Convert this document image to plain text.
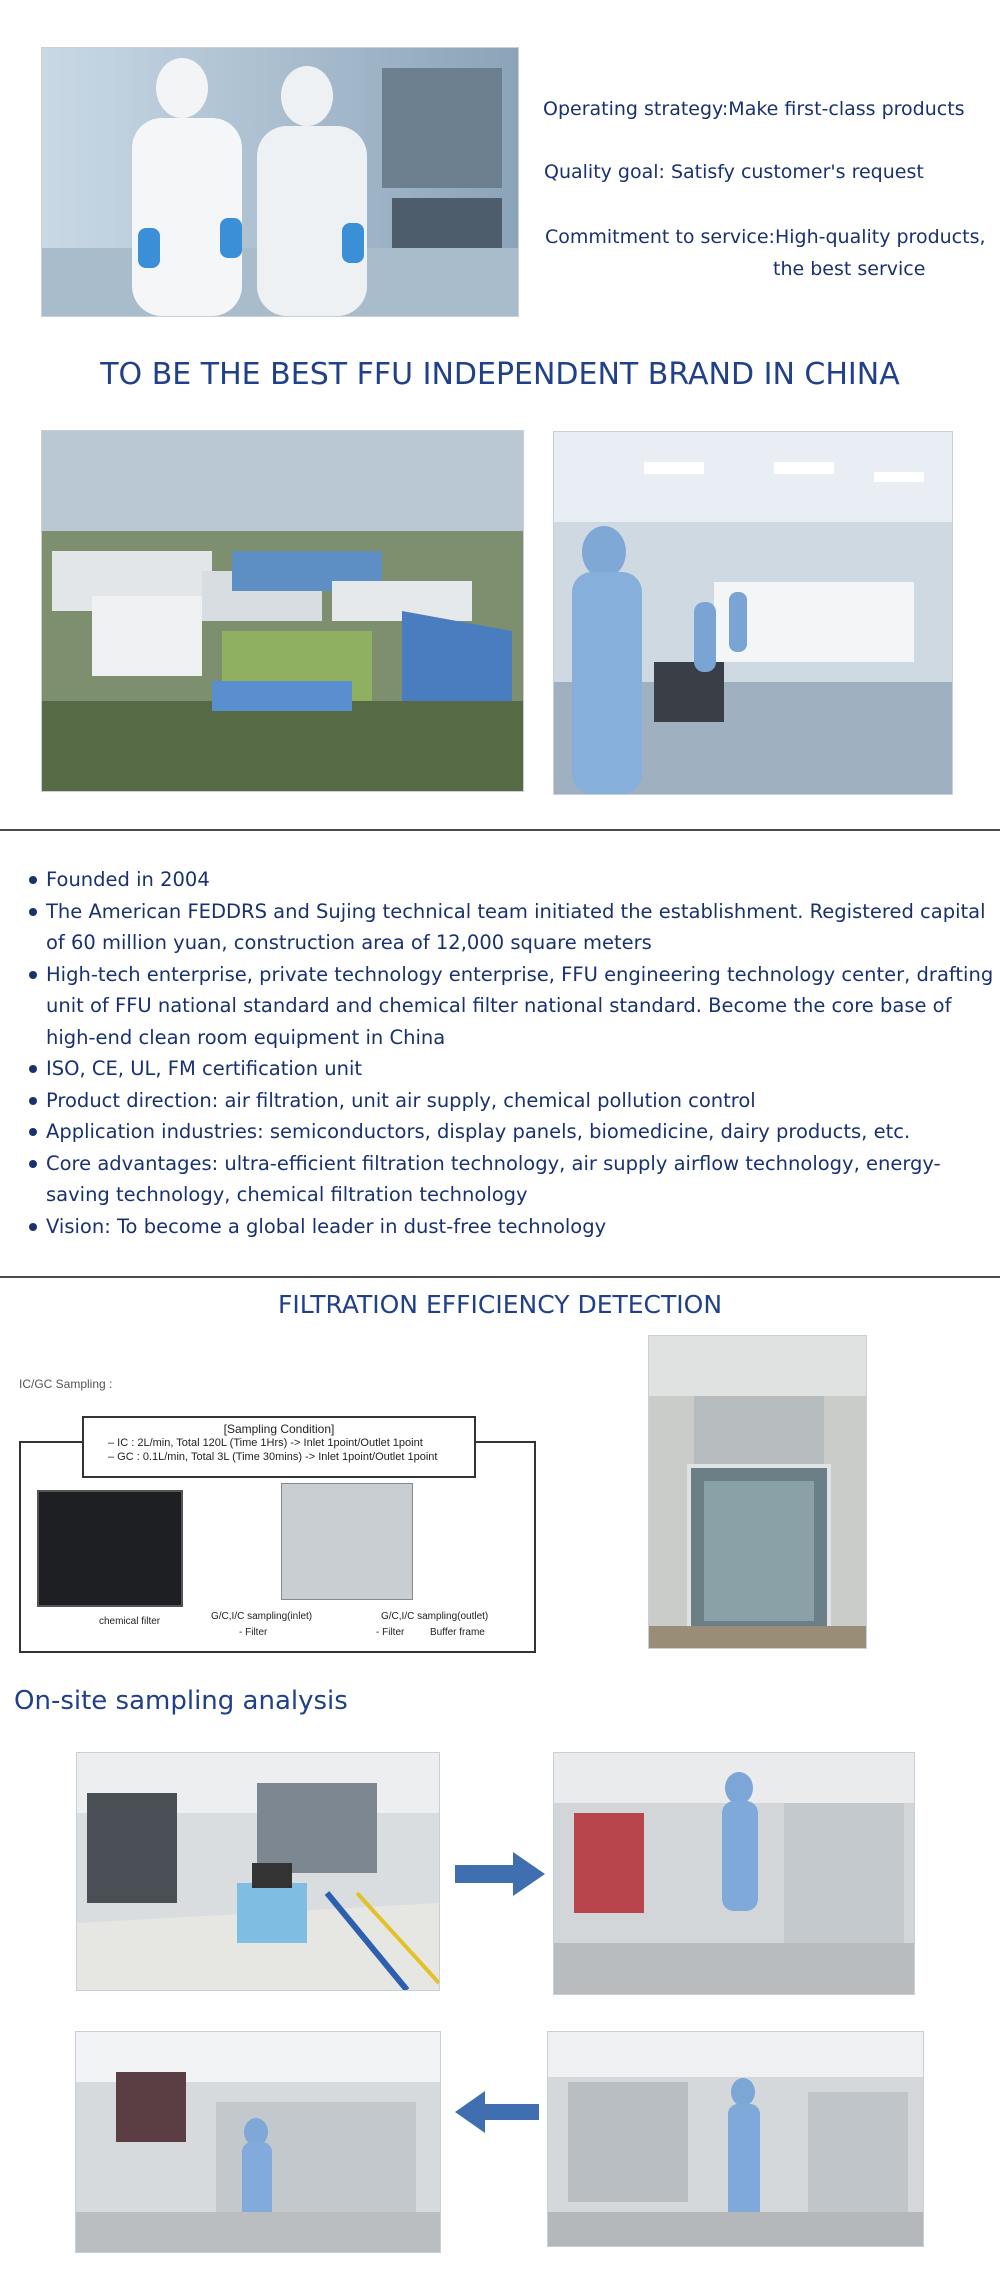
Operating strategy:Make first-class products
Quality goal: Satisfy customer's request
Commitment to service:High-quality products,
the best service
TO BE THE BEST FFU INDEPENDENT BRAND IN CHINA
Founded in 2004
The American FEDDRS and Sujing technical team initiated the establishment. Registered capital of 60 million yuan, construction area of 12,000 square meters
High-tech enterprise, private technology enterprise, FFU engineering technology center, drafting unit of FFU national standard and chemical filter national standard. Become the core base of high-end clean room equipment in China
ISO, CE, UL, FM certification unit
Product direction: air filtration, unit air supply, chemical pollution control
Application industries: semiconductors, display panels, biomedicine, dairy products, etc.
Core advantages: ultra-efficient filtration technology, air supply airflow technology, energy-saving technology, chemical filtration technology
Vision: To become a global leader in dust-free technology
FILTRATION EFFICIENCY DETECTION
IC/GC Sampling :
[Sampling Condition]
– IC : 2L/min, Total 120L (Time 1Hrs) -> Inlet 1point/Outlet 1point
– GC : 0.1L/min, Total 3L (Time 30mins) -> Inlet 1point/Outlet 1point
chemical filter	G/C,I/C sampling(inlet)
- Filter
G/C,I/C sampling(outlet)
- Filter	Buffer frame
On-site sampling analysis
